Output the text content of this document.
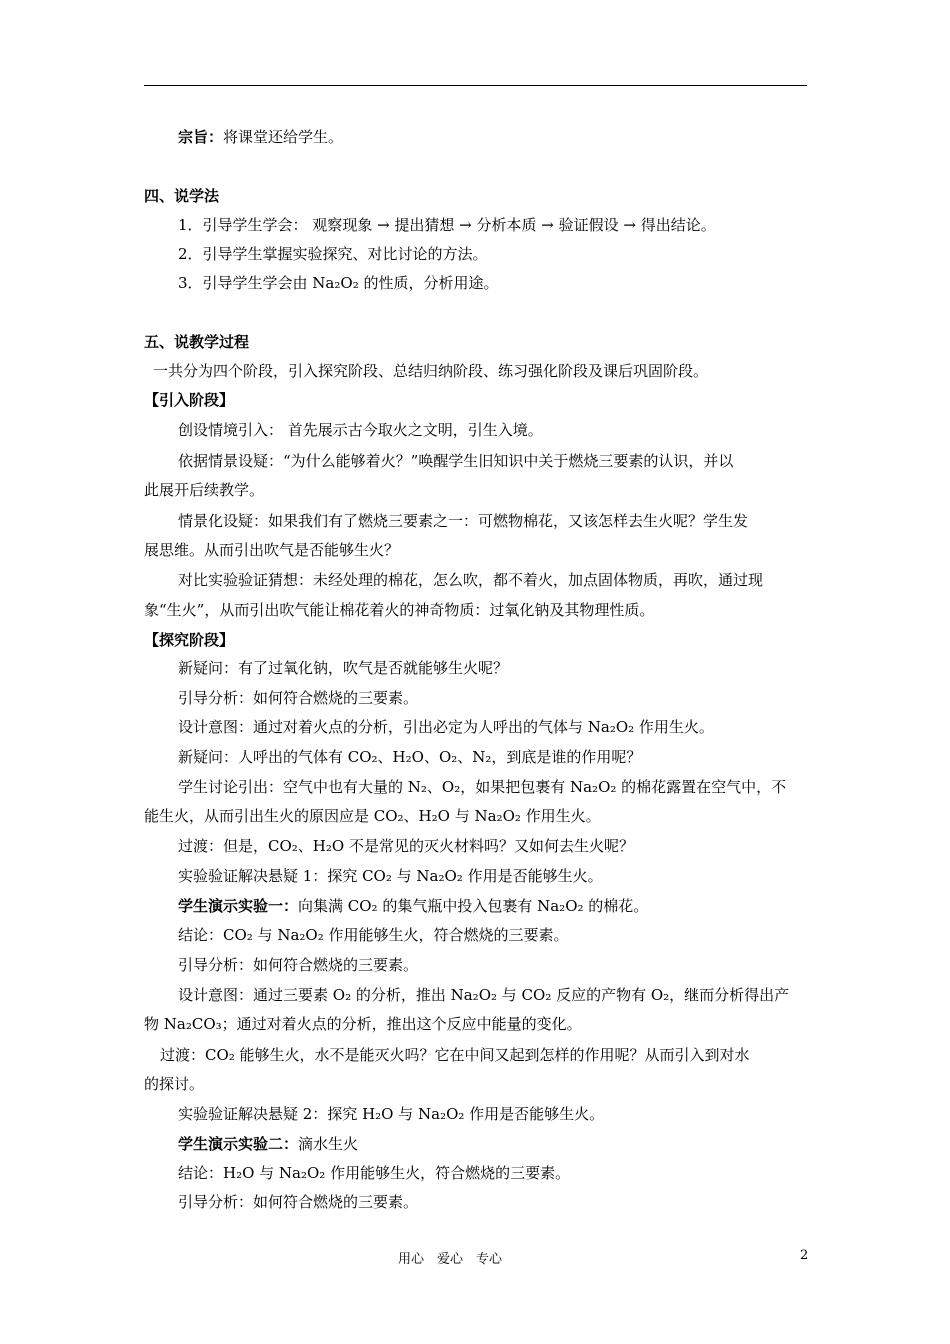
宗旨：将课堂还给学生。
四、说学法
1．引导学生学会： 观察现象 → 提出猜想 → 分析本质 → 验证假设 → 得出结论。
2．引导学生掌握实验探究、对比讨论的方法。
3．引导学生学会由 Na₂O₂ 的性质，分析用途。
五、说教学过程
一共分为四个阶段，引入探究阶段、总结归纳阶段、练习强化阶段及课后巩固阶段。
【引入阶段】
创设情境引入： 首先展示古今取火之文明，引生入境。
依据情景设疑：“为什么能够着火？”唤醒学生旧知识中关于燃烧三要素的认识，并以
此展开后续教学。
情景化设疑：如果我们有了燃烧三要素之一：可燃物棉花，又该怎样去生火呢？学生发
展思维。从而引出吹气是否能够生火？
对比实验验证猜想：未经处理的棉花，怎么吹，都不着火，加点固体物质，再吹，通过现
象“生火”，从而引出吹气能让棉花着火的神奇物质：过氧化钠及其物理性质。
【探究阶段】
新疑问：有了过氧化钠，吹气是否就能够生火呢？
引导分析：如何符合燃烧的三要素。
设计意图：通过对着火点的分析，引出必定为人呼出的气体与 Na₂O₂ 作用生火。
新疑问：人呼出的气体有 CO₂、H₂O、O₂、N₂，到底是谁的作用呢？
学生讨论引出：空气中也有大量的 N₂、O₂，如果把包裹有 Na₂O₂ 的棉花露置在空气中，不
能生火，从而引出生火的原因应是 CO₂、H₂O 与 Na₂O₂ 作用生火。
过渡：但是，CO₂、H₂O 不是常见的灭火材料吗？又如何去生火呢？
实验验证解决悬疑 1：探究 CO₂ 与 Na₂O₂ 作用是否能够生火。
学生演示实验一：向集满 CO₂ 的集气瓶中投入包裹有 Na₂O₂ 的棉花。
结论：CO₂ 与 Na₂O₂ 作用能够生火，符合燃烧的三要素。
引导分析：如何符合燃烧的三要素。
设计意图：通过三要素 O₂ 的分析，推出 Na₂O₂ 与 CO₂ 反应的产物有 O₂，继而分析得出产
物 Na₂CO₃；通过对着火点的分析，推出这个反应中能量的变化。
过渡：CO₂ 能够生火，水不是能灭火吗？它在中间又起到怎样的作用呢？从而引入到对水
的探讨。
实验验证解决悬疑 2：探究 H₂O 与 Na₂O₂ 作用是否能够生火。
学生演示实验二：滴水生火
结论：H₂O 与 Na₂O₂ 作用能够生火，符合燃烧的三要素。
引导分析：如何符合燃烧的三要素。
用心　爱心　专心	2
